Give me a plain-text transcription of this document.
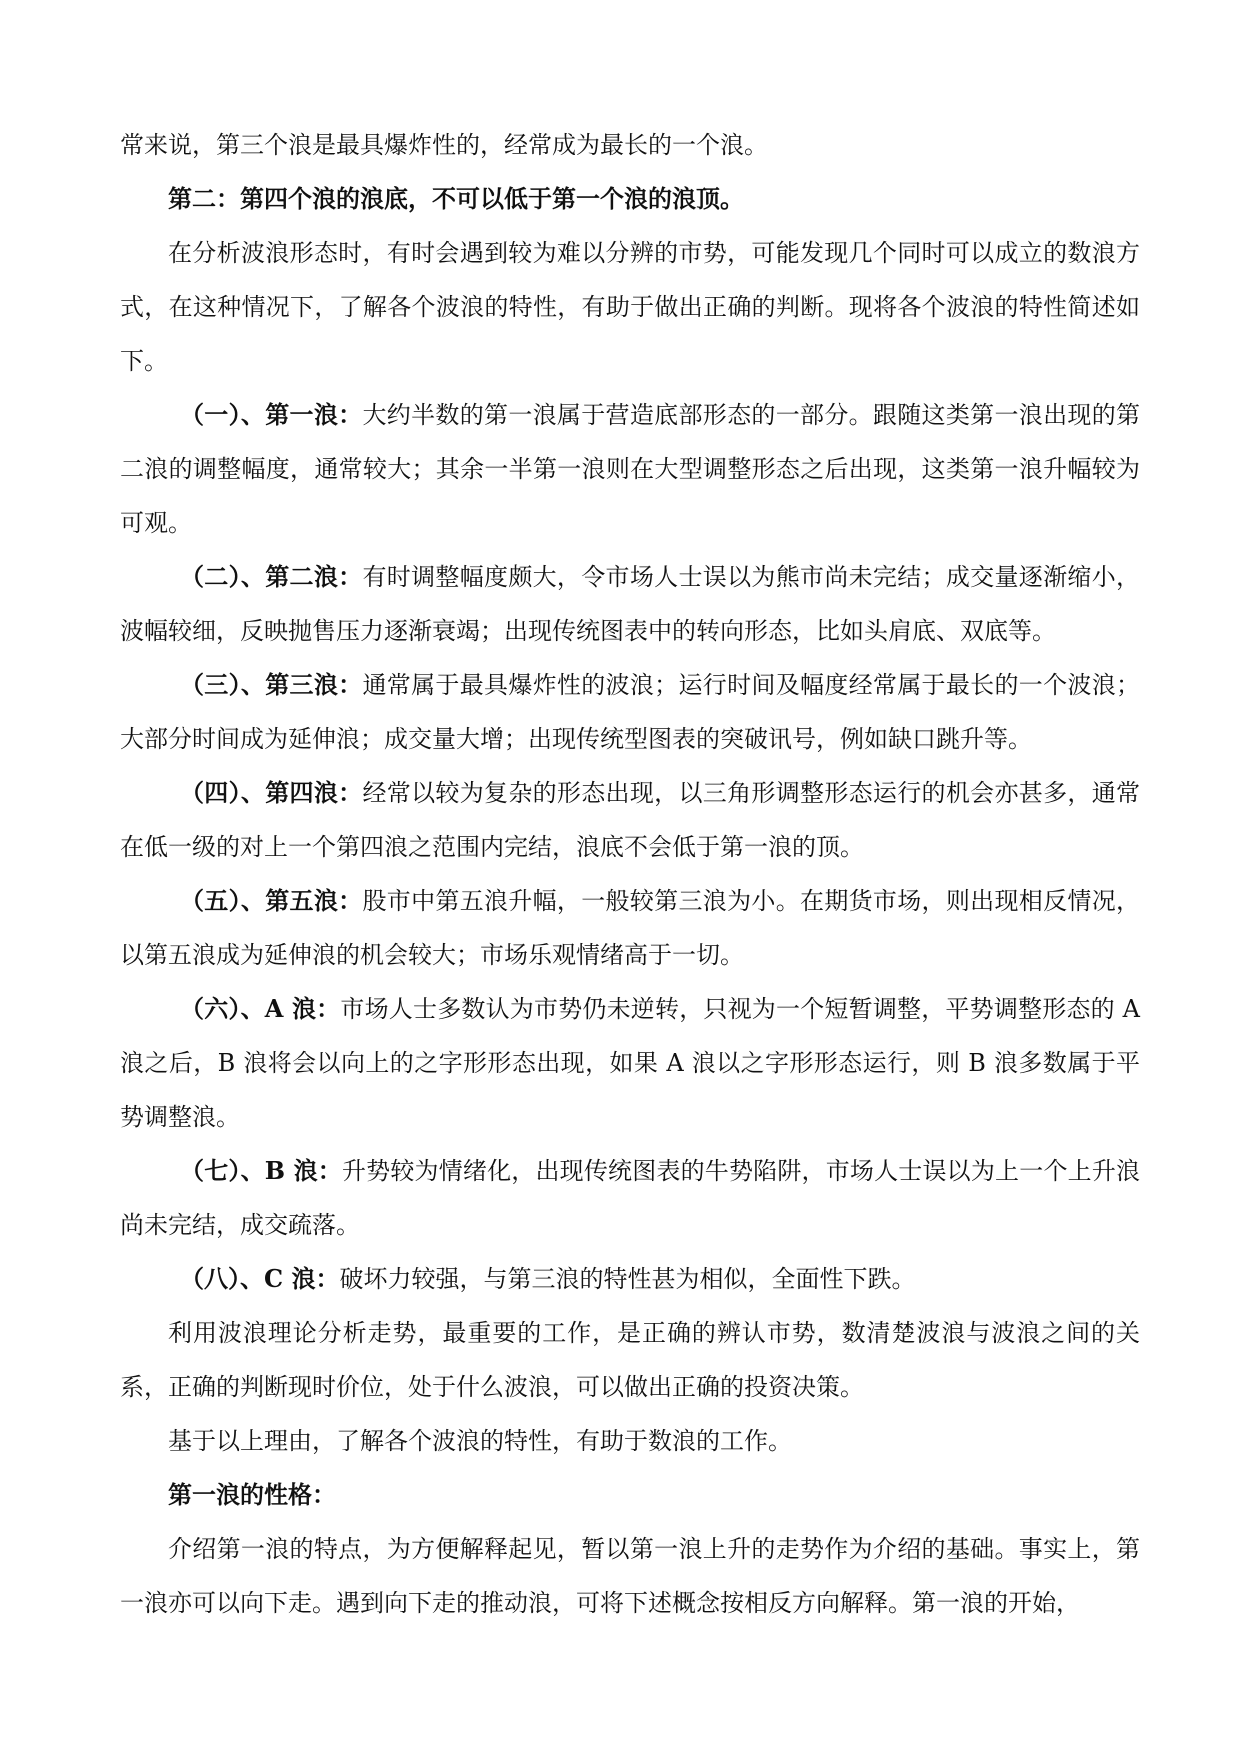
常来说，第三个浪是最具爆炸性的，经常成为最长的一个浪。

第二：第四个浪的浪底，不可以低于第一个浪的浪顶。

在分析波浪形态时，有时会遇到较为难以分辨的市势，可能发现几个同时可以成立的数浪方式，在这种情况下，了解各个波浪的特性，有助于做出正确的判断。现将各个波浪的特性简述如下。

（一）、第一浪：大约半数的第一浪属于营造底部形态的一部分。跟随这类第一浪出现的第二浪的调整幅度，通常较大；其余一半第一浪则在大型调整形态之后出现，这类第一浪升幅较为可观。

（二）、第二浪：有时调整幅度颇大，令市场人士误以为熊市尚未完结；成交量逐渐缩小，波幅较细，反映抛售压力逐渐衰竭；出现传统图表中的转向形态，比如头肩底、双底等。

（三）、第三浪：通常属于最具爆炸性的波浪；运行时间及幅度经常属于最长的一个波浪；大部分时间成为延伸浪；成交量大增；出现传统型图表的突破讯号，例如缺口跳升等。

（四）、第四浪：经常以较为复杂的形态出现，以三角形调整形态运行的机会亦甚多，通常在低一级的对上一个第四浪之范围内完结，浪底不会低于第一浪的顶。

（五）、第五浪：股市中第五浪升幅，一般较第三浪为小。在期货市场，则出现相反情况，以第五浪成为延伸浪的机会较大；市场乐观情绪高于一切。

（六）、A 浪：市场人士多数认为市势仍未逆转，只视为一个短暂调整，平势调整形态的 A 浪之后，B 浪将会以向上的之字形形态出现，如果 A 浪以之字形形态运行，则 B 浪多数属于平势调整浪。

（七）、B 浪：升势较为情绪化，出现传统图表的牛势陷阱，市场人士误以为上一个上升浪尚未完结，成交疏落。

（八）、C 浪：破坏力较强，与第三浪的特性甚为相似，全面性下跌。

利用波浪理论分析走势，最重要的工作，是正确的辨认市势，数清楚波浪与波浪之间的关系，正确的判断现时价位，处于什么波浪，可以做出正确的投资决策。

基于以上理由，了解各个波浪的特性，有助于数浪的工作。

第一浪的性格：

介绍第一浪的特点，为方便解释起见，暂以第一浪上升的走势作为介绍的基础。事实上，第一浪亦可以向下走。遇到向下走的推动浪，可将下述概念按相反方向解释。第一浪的开始，
